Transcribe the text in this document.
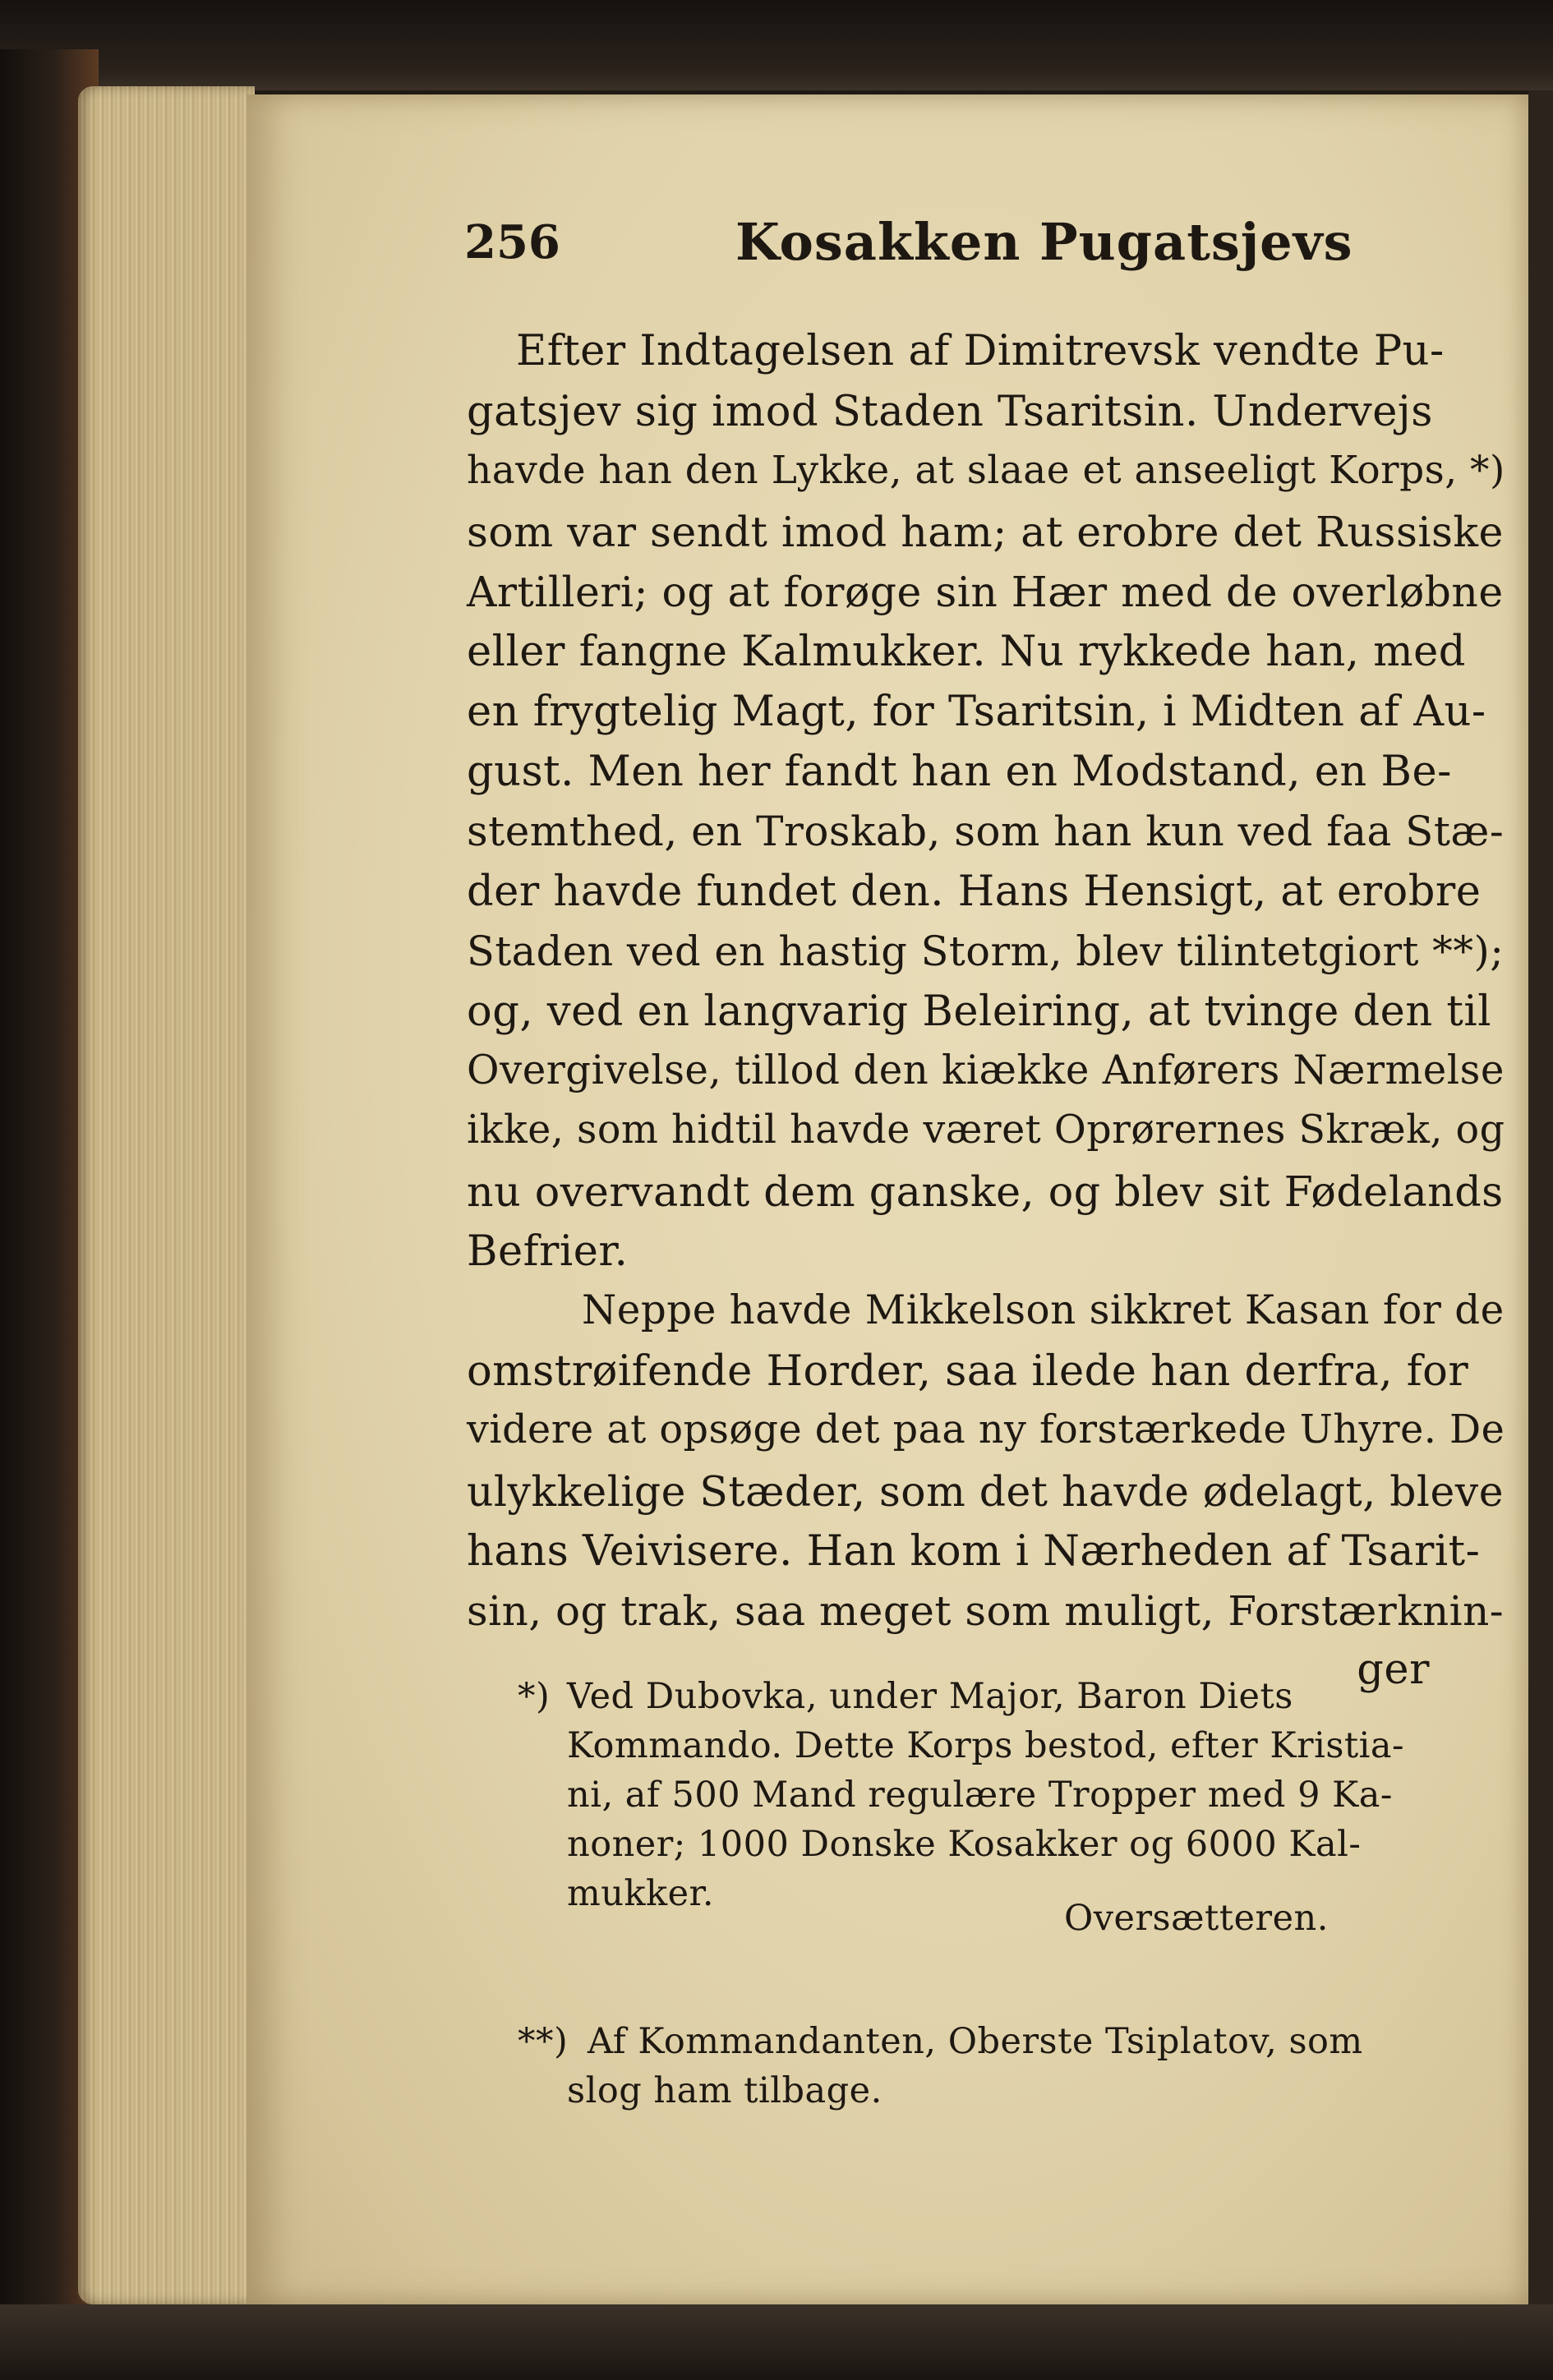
256	Kosakken Pugatsjevs
Efter Indtagelsen af Dimitrevsk vendte Pu-
gatsjev sig imod Staden Tsaritsin. Undervejs
havde han den Lykke, at slaae et anseeligt Korps, *)
som var sendt imod ham; at erobre det Russiske
Artilleri; og at forøge sin Hær med de overløbne
eller fangne Kalmukker. Nu rykkede han, med
en frygtelig Magt, for Tsaritsin, i Midten af Au-
gust. Men her fandt han en Modstand, en Be-
stemthed, en Troskab, som han kun ved faa Stæ-
der havde fundet den. Hans Hensigt, at erobre
Staden ved en hastig Storm, blev tilintetgiort **);
og, ved en langvarig Beleiring, at tvinge den til
Overgivelse, tillod den kiække Anførers Nærmelse
ikke, som hidtil havde været Oprørernes Skræk, og
nu overvandt dem ganske, og blev sit Fødelands
Befrier.
Neppe havde Mikkelson sikkret Kasan for de
omstrøifende Horder, saa ilede han derfra, for
videre at opsøge det paa ny forstærkede Uhyre. De
ulykkelige Stæder, som det havde ødelagt, bleve
hans Veivisere. Han kom i Nærheden af Tsarit-
sin, og trak, saa meget som muligt, Forstærknin-
ger
*) Ved Dubovka, under Major, Baron Diets
Kommando. Dette Korps bestod, efter Kristia-
ni, af 500 Mand regulære Tropper med 9 Ka-
noner; 1000 Donske Kosakker og 6000 Kal-
mukker.
Oversætteren.
**) Af Kommandanten, Oberste Tsiplatov, som
slog ham tilbage.
